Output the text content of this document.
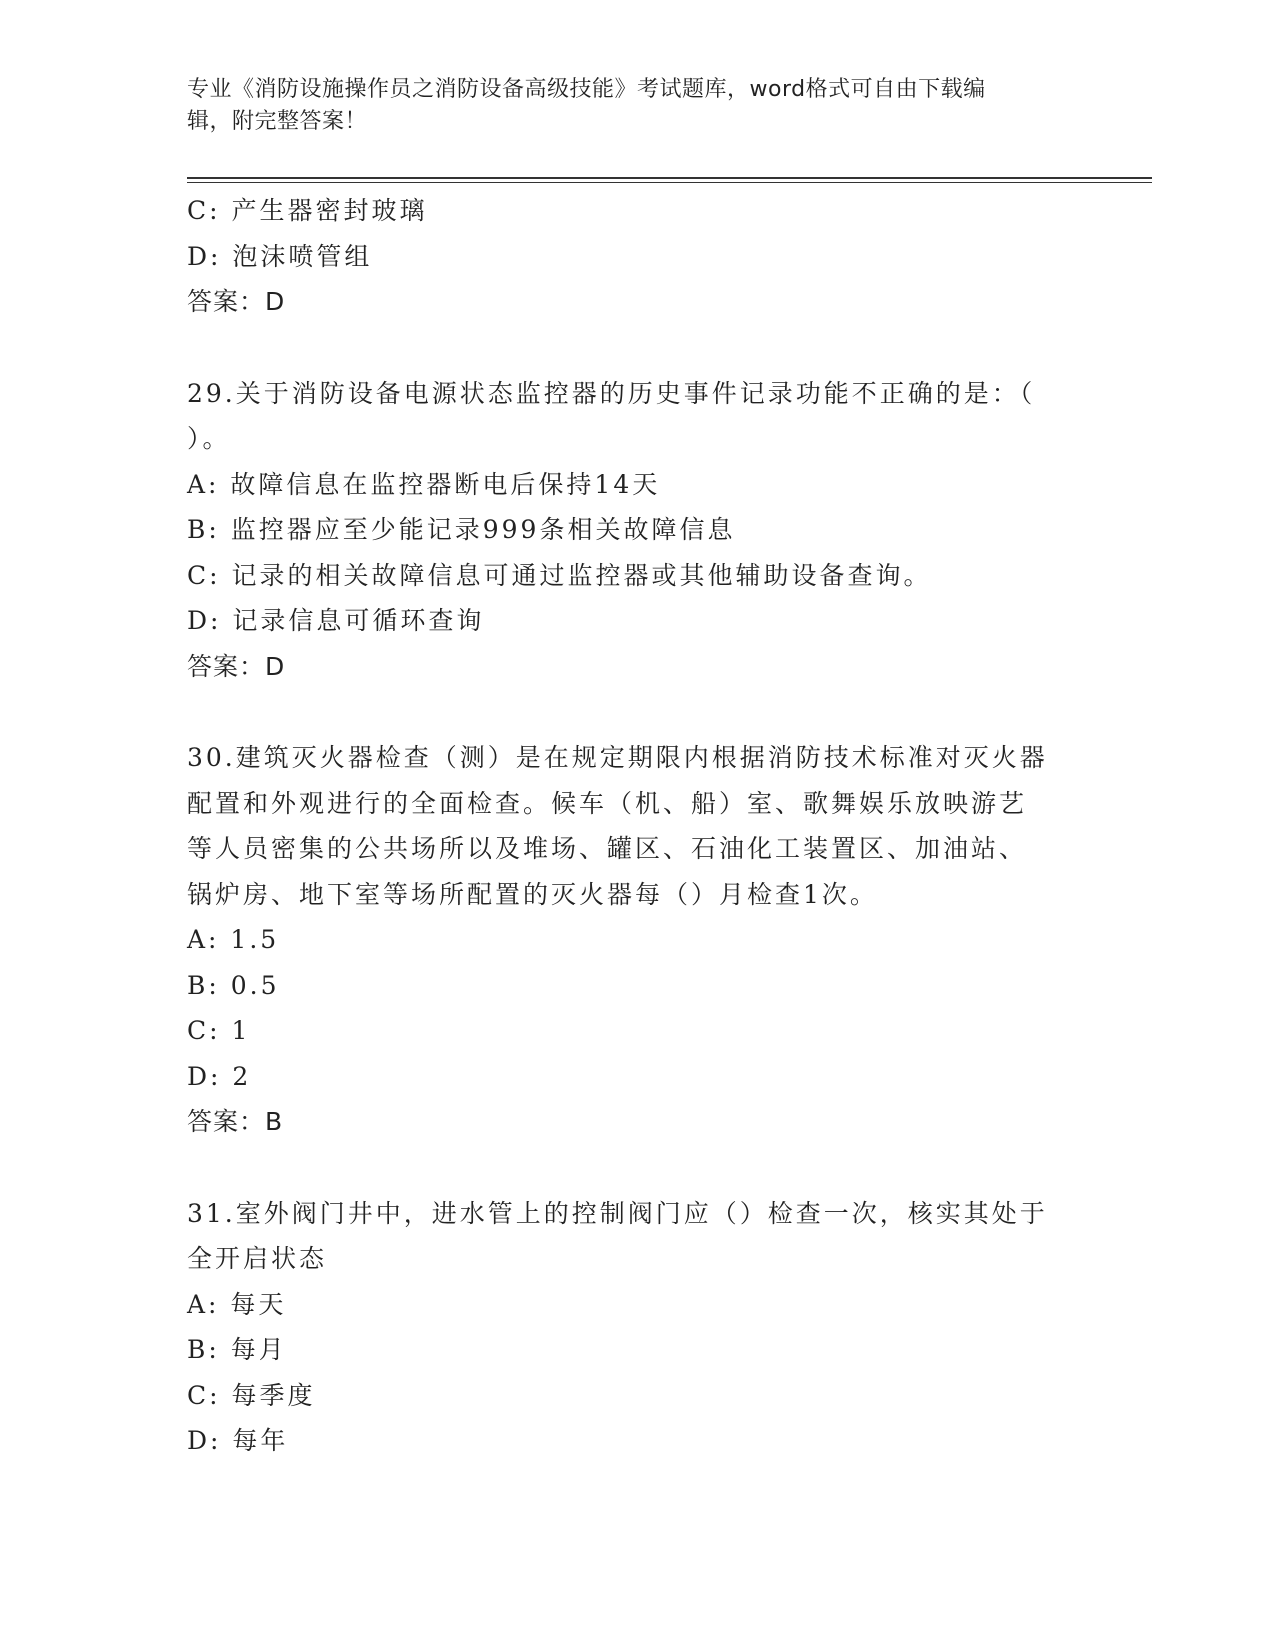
专业《消防设施操作员之消防设备高级技能》考试题库，word格式可自由下载编
辑，附完整答案！
C: 产生器密封玻璃
D: 泡沫喷管组
答案：D
29.关于消防设备电源状态监控器的历史事件记录功能不正确的是：（
）。
A: 故障信息在监控器断电后保持14天
B: 监控器应至少能记录999条相关故障信息
C: 记录的相关故障信息可通过监控器或其他辅助设备查询。
D: 记录信息可循环查询
答案：D
30.建筑灭火器检查（测）是在规定期限内根据消防技术标准对灭火器
配置和外观进行的全面检查。候车（机、船）室、歌舞娱乐放映游艺
等人员密集的公共场所以及堆场、罐区、石油化工装置区、加油站、
锅炉房、地下室等场所配置的灭火器每（）月检查1次。
A: 1.5
B: 0.5
C: 1
D: 2
答案：B
31.室外阀门井中，进水管上的控制阀门应（）检查一次，核实其处于
全开启状态
A: 每天
B: 每月
C: 每季度
D: 每年
